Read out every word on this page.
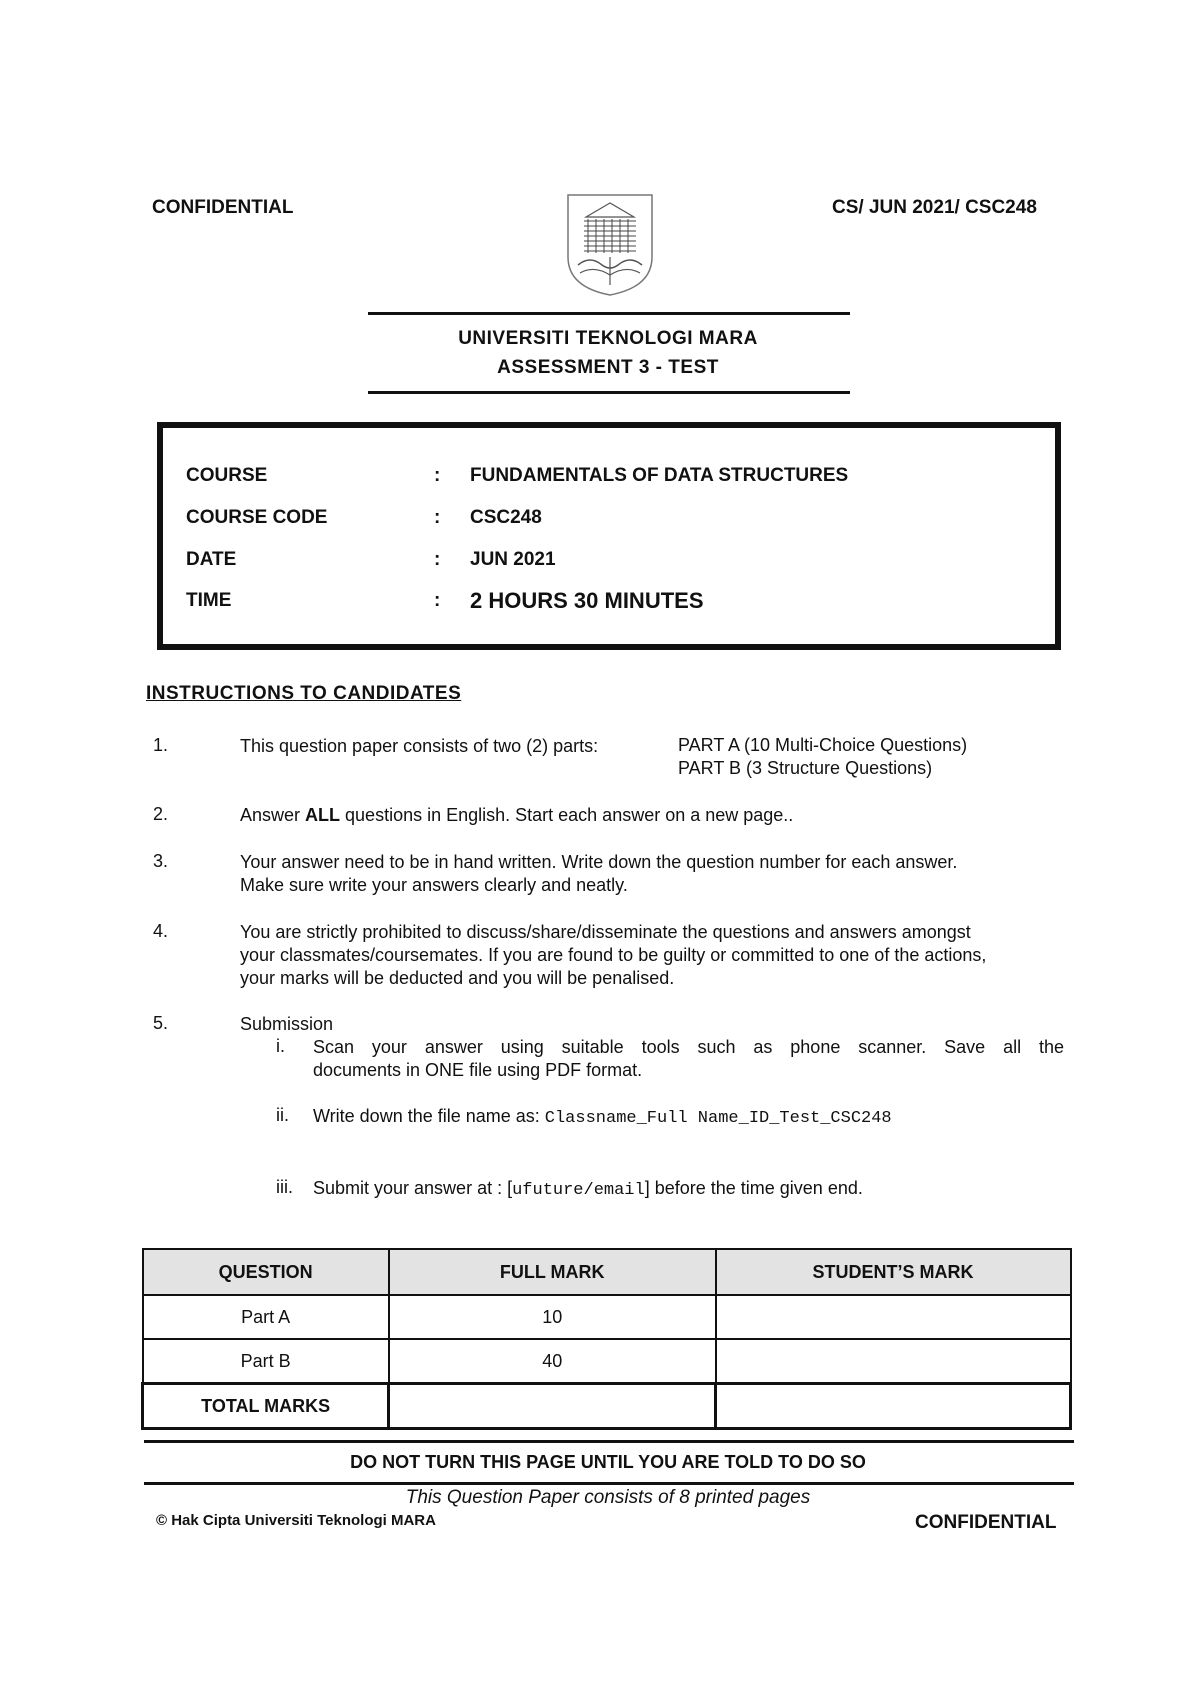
CONFIDENTIAL	CS/ JUN 2021/ CSC248
UNIVERSITI TEKNOLOGI MARA
ASSESSMENT 3 - TEST
COURSE	: FUNDAMENTALS OF DATA STRUCTURES
COURSE CODE	: CSC248
DATE	: JUN 2021
TIME	: 2 HOURS 30 MINUTES
INSTRUCTIONS TO CANDIDATES
1.	This question paper consists of two (2) parts:	PART A (10 Multi-Choice Questions)
PART B (3 Structure Questions)
2.	Answer ALL questions in English. Start each answer on a new page..
3.	Your answer need to be in hand written. Write down the question number for each answer.
Make sure write your answers clearly and neatly.
4.	You are strictly prohibited to discuss/share/disseminate the questions and answers amongst
your classmates/coursemates. If you are found to be guilty or committed to one of the actions,
your marks will be deducted and you will be penalised.
5.	Submission
i. Scan your answer using suitable tools such as phone scanner. Save all the
documents in ONE file using PDF format.
ii. Write down the file name as: Classname_Full Name_ID_Test_CSC248
iii. Submit your answer at : [ufuture/email] before the time given end.
QUESTION	FULL MARK	STUDENT’S MARK
Part A	10	
Part B	40	
TOTAL MARKS		
DO NOT TURN THIS PAGE UNTIL YOU ARE TOLD TO DO SO
This Question Paper consists of 8 printed pages
© Hak Cipta Universiti Teknologi MARA	CONFIDENTIAL
